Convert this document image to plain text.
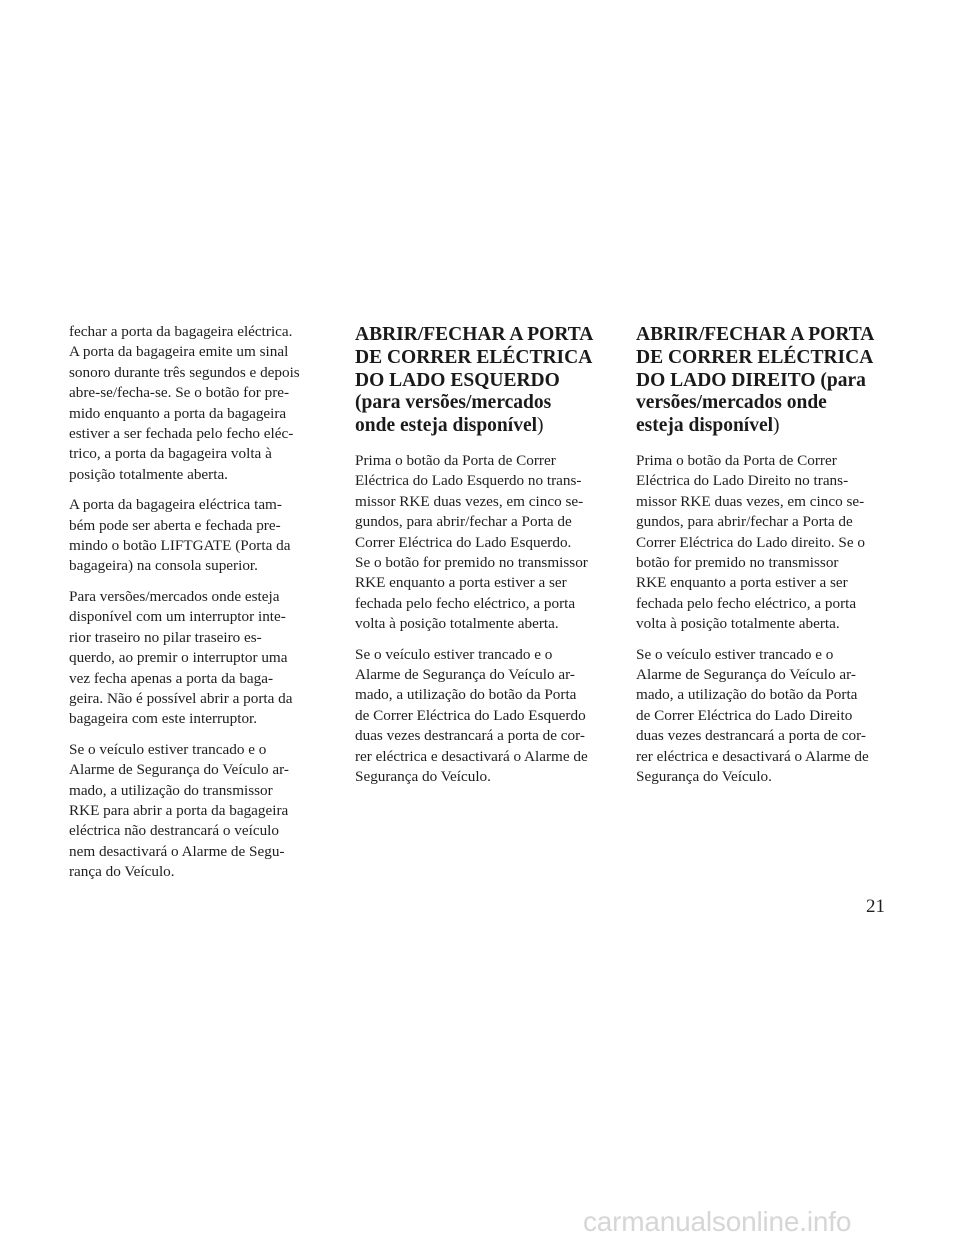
fechar a porta da bagageira eléctrica.
A porta da bagageira emite um sinal
sonoro durante três segundos e depois
abre-se/fecha-se. Se o botão for pre-
mido enquanto a porta da bagageira
estiver a ser fechada pelo fecho eléc-
trico, a porta da bagageira volta à
posição totalmente aberta.

A porta da bagageira eléctrica tam-
bém pode ser aberta e fechada pre-
mindo o botão LIFTGATE (Porta da
bagageira) na consola superior.

Para versões/mercados onde esteja
disponível com um interruptor inte-
rior traseiro no pilar traseiro es-
querdo, ao premir o interruptor uma
vez fecha apenas a porta da baga-
geira. Não é possível abrir a porta da
bagageira com este interruptor.

Se o veículo estiver trancado e o
Alarme de Segurança do Veículo ar-
mado, a utilização do transmissor
RKE para abrir a porta da bagageira
eléctrica não destrancará o veículo
nem desactivará o Alarme de Segu-
rança do Veículo.

ABRIR/FECHAR A PORTA
DE CORRER ELÉCTRICA
DO LADO ESQUERDO
(para versões/mercados
onde esteja disponível)

Prima o botão da Porta de Correr
Eléctrica do Lado Esquerdo no trans-
missor RKE duas vezes, em cinco se-
gundos, para abrir/fechar a Porta de
Correr Eléctrica do Lado Esquerdo.
Se o botão for premido no transmissor
RKE enquanto a porta estiver a ser
fechada pelo fecho eléctrico, a porta
volta à posição totalmente aberta.

Se o veículo estiver trancado e o
Alarme de Segurança do Veículo ar-
mado, a utilização do botão da Porta
de Correr Eléctrica do Lado Esquerdo
duas vezes destrancará a porta de cor-
rer eléctrica e desactivará o Alarme de
Segurança do Veículo.

ABRIR/FECHAR A PORTA
DE CORRER ELÉCTRICA
DO LADO DIREITO (para
versões/mercados onde
esteja disponível)

Prima o botão da Porta de Correr
Eléctrica do Lado Direito no trans-
missor RKE duas vezes, em cinco se-
gundos, para abrir/fechar a Porta de
Correr Eléctrica do Lado direito. Se o
botão for premido no transmissor
RKE enquanto a porta estiver a ser
fechada pelo fecho eléctrico, a porta
volta à posição totalmente aberta.

Se o veículo estiver trancado e o
Alarme de Segurança do Veículo ar-
mado, a utilização do botão da Porta
de Correr Eléctrica do Lado Direito
duas vezes destrancará a porta de cor-
rer eléctrica e desactivará o Alarme de
Segurança do Veículo.

21
carmanualsonline.info
